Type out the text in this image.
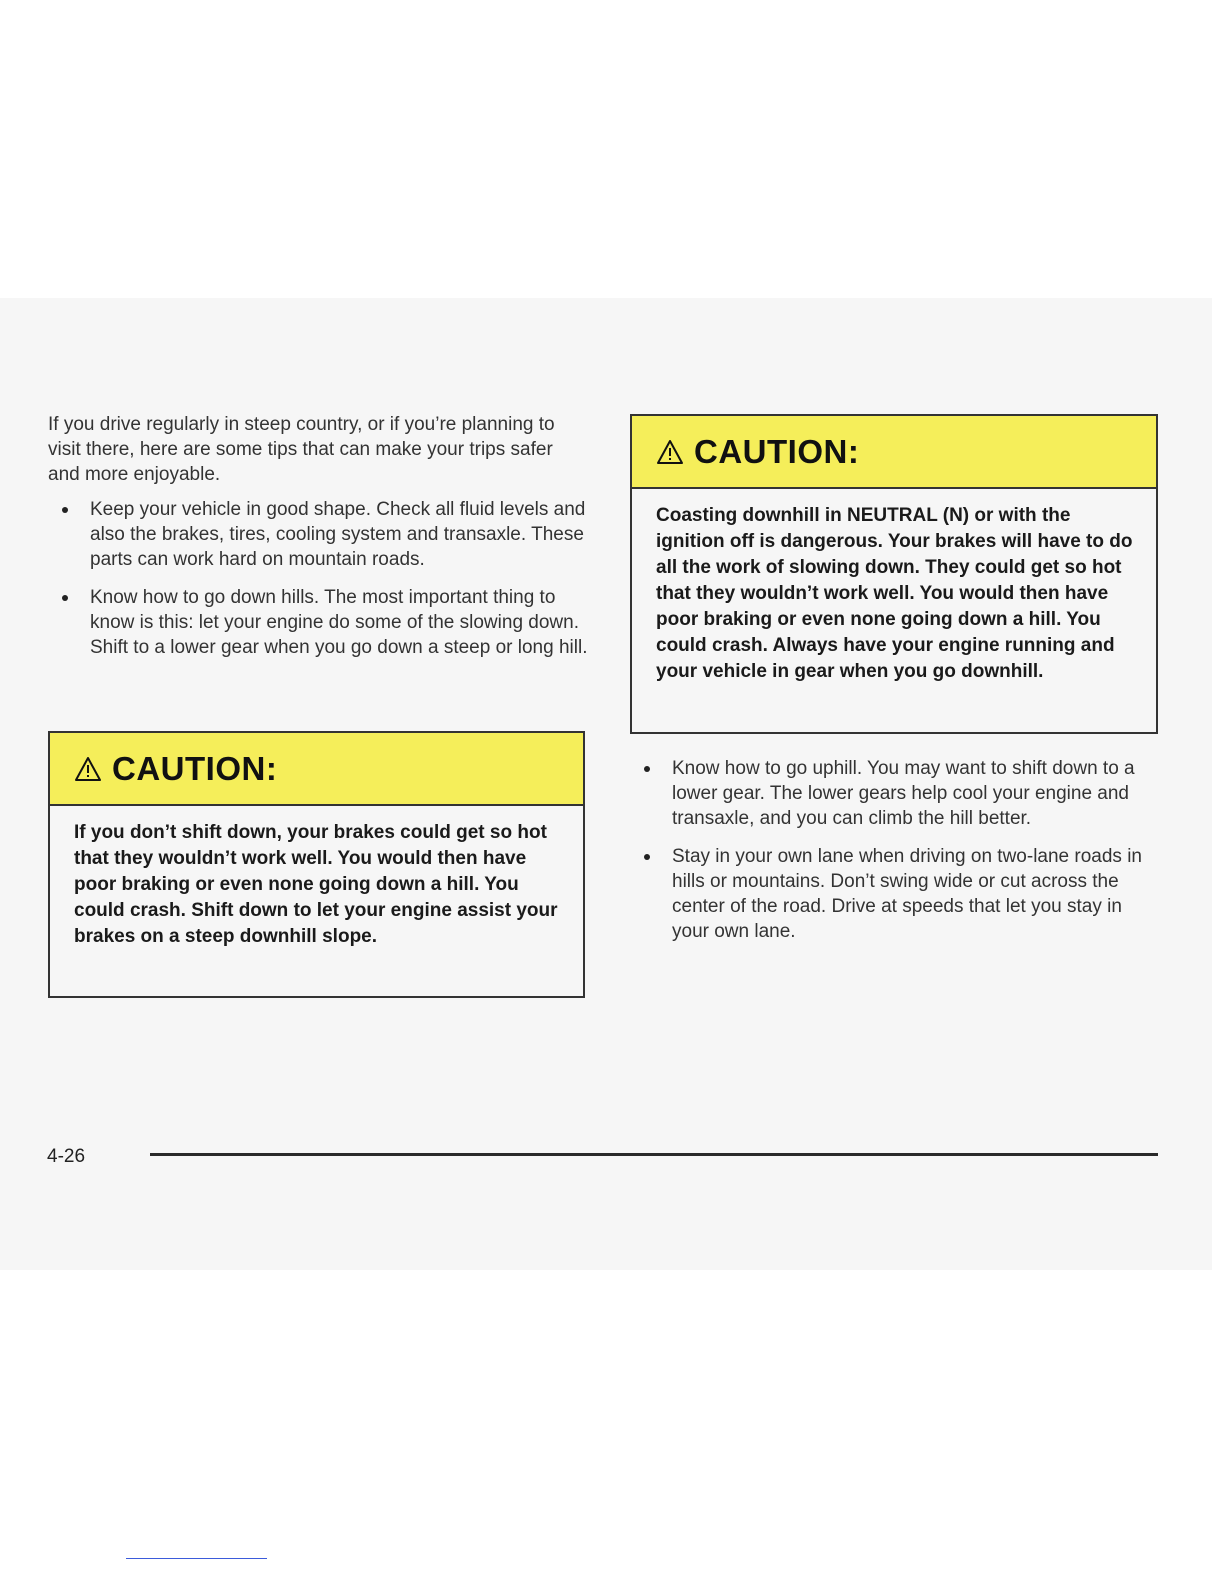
If you drive regularly in steep country, or if you’re planning to visit there, here are some tips that can make your trips safer and more enjoyable.

Keep your vehicle in good shape. Check all fluid levels and also the brakes, tires, cooling system and transaxle. These parts can work hard on mountain roads.
Know how to go down hills. The most important thing to know is this: let your engine do some of the slowing down. Shift to a lower gear when you go down a steep or long hill.
CAUTION:

If you don’t shift down, your brakes could get so hot that they wouldn’t work well. You would then have poor braking or even none going down a hill. You could crash. Shift down to let your engine assist your brakes on a steep downhill slope.

CAUTION:

Coasting downhill in NEUTRAL (N) or with the ignition off is dangerous. Your brakes will have to do all the work of slowing down. They could get so hot that they wouldn’t work well. You would then have poor braking or even none going down a hill. You could crash. Always have your engine running and your vehicle in gear when you go downhill.

Know how to go uphill. You may want to shift down to a lower gear. The lower gears help cool your engine and transaxle, and you can climb the hill better.
Stay in your own lane when driving on two-lane roads in hills or mountains. Don’t swing wide or cut across the center of the road. Drive at speeds that let you stay in your own lane.
4-26
